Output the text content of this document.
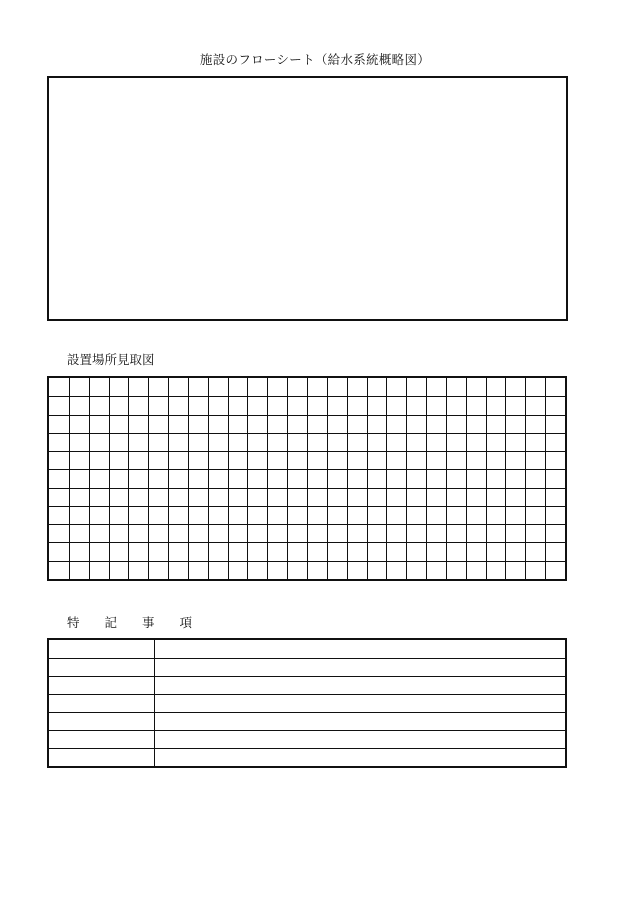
施設のフローシート（給水系統概略図）
設置場所見取図
特　　記　　事　　項
